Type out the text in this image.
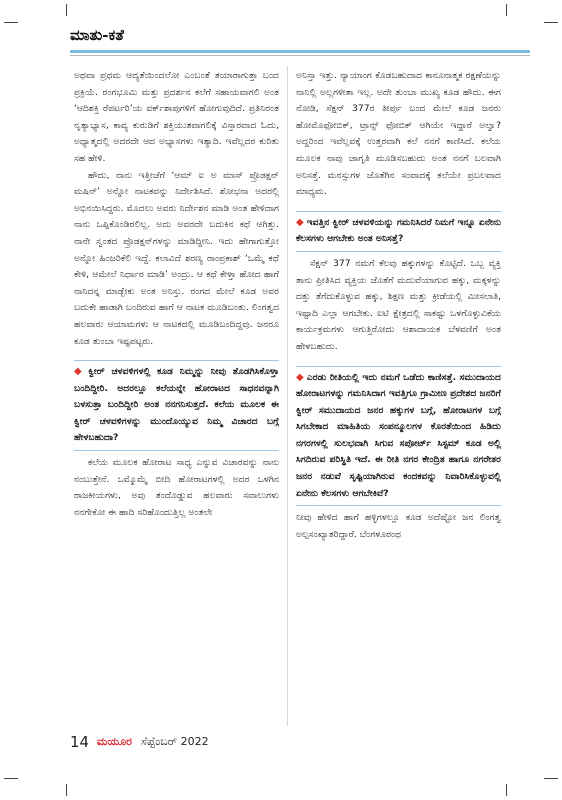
ಮಾತು-ಕತೆ

ಅಥವಾ ಪ್ರಥಮ ಆದ್ಯತೆಯಿಂದಲೋ ಎಂಬಂತೆ ತಯಾರಾಗುತ್ತಾ ಬಂದ ಪ್ರಕ್ರಿಯೆ. ರಂಗಭೂಮಿ ಮತ್ತು ಪ್ರದರ್ಶನ ಕಲೆಗೆ ಸಹಾಯವಾಗಲಿ ಅಂತ ‘ಆದಿಶಕ್ತಿ ರೆಪರ್ಟರಿ’ಯ ವರ್ಕ್‌ಶಾಪುಗಳಿಗೆ ಹೋಗುವುದಿದೆ. ಪ್ರತಿನಿರಂತ ನೃತ್ಯಾಭ್ಯಾಸ, ಕಾವ್ಯ ಕುರುಡಿಗೆ ಶಕ್ತಿಯುತವಾಗಲಿಕ್ಕೆ ವಿಸ್ತಾರವಾದ ಓದು, ಅಧ್ಯಾತ್ಮದಲ್ಲಿ ಅದರದೇ ಆದ ಅಭ್ಯಾಸಗಳು ಇತ್ಯಾದಿ. ಇವೆಲ್ಲದರ ಕುರಿತು ಸಹ ಹೇಳಿ.

ಹೌದು, ನಾನು ಇತ್ತೀಚೆಗೆ ‘ಆಮ್ ಐ ಅ ಮಾಸ್ ಪ್ರೊಡಕ್ಷನ್ ಮಷಿನ್’ ಅನ್ನೋ ನಾಟಕವನ್ನು ನಿರ್ದೇಶಿಸಿದೆ. ಶೋಭನಾ ಅದರಲ್ಲಿ ಅಭಿನಯಿಸಿದ್ದರು. ಮೊದಲು ಅವರು ನಿರ್ದೇಶನ ಮಾಡಿ ಅಂತ ಹೇಳಿದಾಗ ನಾನು ಒಪ್ಪಿಕೊಂಡಿರಲಿಲ್ಲ. ಅದು ಅವರದೇ ಬದುಕಿನ ಕಥೆ ಆಗಿತ್ತು. ನಾನೇ ಸ್ವಂತದ ಪ್ರೊಡಕ್ಷನ್‌ಗಳನ್ನು ಮಾಡಿದ್ದೀನಿ. ಇದು ಹೇಗಾಗುತ್ತೋ ಅನ್ನೋ ಹಿಂಜರಿಕೆಲಿ ಇದ್ದೆ. ಕಲಾವಿದೆ ಶರಣ್ಯ ರಾಂಪ್ರಕಾಶ್ ‘ಒಮ್ಮೆ ಕಥೆ ಕೇಳಿ, ಆಮೇಲೆ ನಿರ್ಧಾರ ಮಾಡಿ’ ಅಂದ್ರು. ಆ ಕಥೆ ಕೇಳ್ತಾ ಹೋದ ಹಾಗೆ ನಾನಿದನ್ನ ಮಾಡ್ಬೇಕು ಅಂತ ಅನಿಸ್ತು. ರಂಗದ ಮೇಲೆ ಕೂಡ ಅವರ ಬದುಕೇ ಹಾಡಾಗಿ ಬಂದಿರುವ ಹಾಗೆ ಆ ನಾಟಕ ಮೂಡಿಬಂತು. ಲಿಂಗತ್ವದ ಹಲವಾರು ಆಯಾಮಗಳು ಆ ನಾಟಕದಲ್ಲಿ ಮೂಡಿಬಂದಿದ್ದವು. ಜನರೂ ಕೂಡ ತುಂಬಾ ಇಷ್ಟಪಟ್ಟರು.

◆ ಕ್ವೀರ್ ಚಳವಳಿಗಳಲ್ಲಿ ಕೂಡ ನಿಮ್ಮನ್ನು ನೀವು ತೊಡಗಿಸಿಕೊಳ್ತಾ ಬಂದಿದ್ದೀರಿ. ಅದರಲ್ಲೂ ಕಲೆಯನ್ನೇ ಹೋರಾಟದ ಸಾಧನವನ್ನಾಗಿ ಬಳಸುತ್ತಾ ಬಂದಿದ್ದೀರಿ ಅಂತ ನನಗನಿಸುತ್ತದೆ. ಕಲೆಯ ಮೂಲಕ ಈ ಕ್ವೀರ್ ಚಳವಳಿಗಳನ್ನು ಮುಂದೊಯ್ಯುವ ನಿಮ್ಮ ವಿಚಾರದ ಬಗ್ಗೆ ಹೇಳಬಹುದಾ?

ಕಲೆಯ ಮೂಲಕ ಹೋರಾಟ ಸಾಧ್ಯ ಎನ್ನುವ ವಿಚಾರವನ್ನು ನಾನು ನಂಬುತ್ತೇನೆ. ಒಮ್ಮೊಮ್ಮೆ ಬೀದಿ ಹೋರಾಟಗಳಲ್ಲಿ ಅದರ ಒಳಗಿನ ರಾಜಕೀಯಗಳು, ಅವು ತಂದೊಡ್ಡುವ ಹಲವಾರು ಸವಾಲುಗಳು ನನಗೇಕೋ ಈ ಹಾದಿ ಸರಿಹೊಂದುತ್ತಿಲ್ಲ ಅಂತಲೇ

ಅನಿಸ್ತಾ ಇತ್ತು. ನ್ಯಾಯಾಂಗ ಕೊಡಬಹುದಾದ ಕಾನೂನಾತ್ಮಕ ರಕ್ಷಣೆಯನ್ನು ನಾನಿಲ್ಲಿ ಅಲ್ಲಗಳೀತಾ ಇಲ್ಲ. ಅದೇ ತುಂಬಾ ಮುಖ್ಯ ಕೂಡ ಹೌದು. ಈಗ ನೋಡಿ, ಸೆಕ್ಷನ್ 377ರ ತೀರ್ಪು ಬಂದ ಮೇಲೆ ಕೂಡ ಜನರು ಹೋಮೊಫೋಬಿಕ್, ಟ್ರಾನ್ಸ್ ಫೋಬಿಕ್ ಆಗಿಯೇ ಇದ್ದಾರೆ ಅಲ್ವಾ? ಅದ್ದರಿಂದ ಇವೆಲ್ಲವಕ್ಕೆ ಉತ್ತರವಾಗಿ ಕಲೆ ನನಗೆ ಕಾಣಿಸಿದೆ. ಕಲೆಯ ಮೂಲಕ ನಾವು ಜಾಗೃತಿ ಮೂಡಿಸಬಹುದು ಅಂತ ನನಗೆ ಬಲವಾಗಿ ಅನಿಸತ್ತೆ. ಮನಸ್ಸುಗಳ ಜೊತೆಗಿನ ಸಂವಾದಕ್ಕೆ ಕಲೆಯೇ ಪ್ರಬಲವಾದ ಮಾಧ್ಯಮ.

◆ ಇವತ್ತಿನ ಕ್ವೀರ್ ಚಳವಳಿಯನ್ನು ಗಮನಿಸಿದರೆ ನಿಮಗೆ ಇನ್ನೂ ಏನೇನು ಕೆಲಸಗಳು ಆಗಬೇಕು ಅಂತ ಅನಿಸತ್ತೆ?

ಸೆಕ್ಷನ್ 377 ನಮಗೆ ಕೆಲವು ಹಕ್ಕುಗಳನ್ನು ಕೊಟ್ಟಿದೆ. ಒಬ್ಬ ವ್ಯಕ್ತಿ ತಾನು ಪ್ರೀತಿಸಿದ ವ್ಯಕ್ತಿಯ ಜೊತೆಗೆ ಮದುವೆಯಾಗುವ ಹಕ್ಕು, ಮಕ್ಕಳನ್ನು ದತ್ತು ತೆಗೆದುಕೊಳ್ಳುವ ಹಕ್ಕು, ಶಿಕ್ಷಣ ಮತ್ತು ಕ್ರೀಡೆಯಲ್ಲಿ ಮೀಸಲಾತಿ, ಇಷ್ಟಾದಿ ಎಲ್ಲಾ ಆಗಬೇಕು. ಐಟಿ ಕ್ಷೇತ್ರದಲ್ಲಿ ಸಾಕಷ್ಟು ಒಳಗೊಳ್ಳುವಿಕೆಯ ಕಾರ್ಯಕ್ರಮಗಳು ಆಗುತ್ತಿರೋದು ಆಶಾದಾಯಕ ಬೆಳವಣಿಗೆ ಅಂತ ಹೇಳಬಹುದು.

◆ ಎರಡು ರೀತಿಯಲ್ಲಿ ಇದು ನಮಗೆ ಒಡೆದು ಕಾಣಿಸತ್ತೆ. ಸಮುದಾಯದ ಹೋರಾಟಗಳನ್ನು ಗಮನಿಸಿದಾಗ ಇವತ್ತಿಗೂ ಗ್ರಾಮೀಣ ಪ್ರದೇಶದ ಜನರಿಗೆ ಕ್ವೀರ್ ಸಮುದಾಯದ ಜನರ ಹಕ್ಕುಗಳ ಬಗ್ಗೆ, ಹೋರಾಟಗಳ ಬಗ್ಗೆ ಸಿಗಬೇಕಾದ ಮಾಹಿತಿಯ ಸಂಪನ್ಮೂಲಗಳ ಕೊರತೆಯಿಂದ ಹಿಡಿದು ನಗರಗಳಲ್ಲಿ ಸುಲಭವಾಗಿ ಸಿಗುವ ಸಪೋರ್ಟ್ ಸಿಸ್ಟಮ್ ಕೂಡ ಅಲ್ಲಿ ಸಿಗದಿರುವ ಪರಿಸ್ಥಿತಿ ಇದೆ. ಈ ರೀತಿ ನಗರ ಕೇಂದ್ರಿತ ಹಾಗೂ ನಗರೇತರ ಜನರ ನಡುವೆ ಸೃಷ್ಟಿಯಾಗಿರುವ ಕಂದಕವನ್ನು ನಿವಾರಿಸಿಕೊಳ್ಳುವಲ್ಲಿ ಏನೇನು ಕೆಲಸಗಳು ಆಗಬೇಕಿವೆ?

ನೀವು ಹೇಳಿದ ಹಾಗೆ ಹಳ್ಳಿಗಳಲ್ಲೂ ಕೂಡ ಅದೆಷ್ಟೋ ಜನ ಲಿಂಗತ್ವ ಅಲ್ಪಸಂಖ್ಯಾತರಿದ್ದಾರೆ. ಬೆಂಗಳೂರಂಥ

14 ಮಯೂರ ಸೆಪ್ಟೆಂಬರ್ 2022
